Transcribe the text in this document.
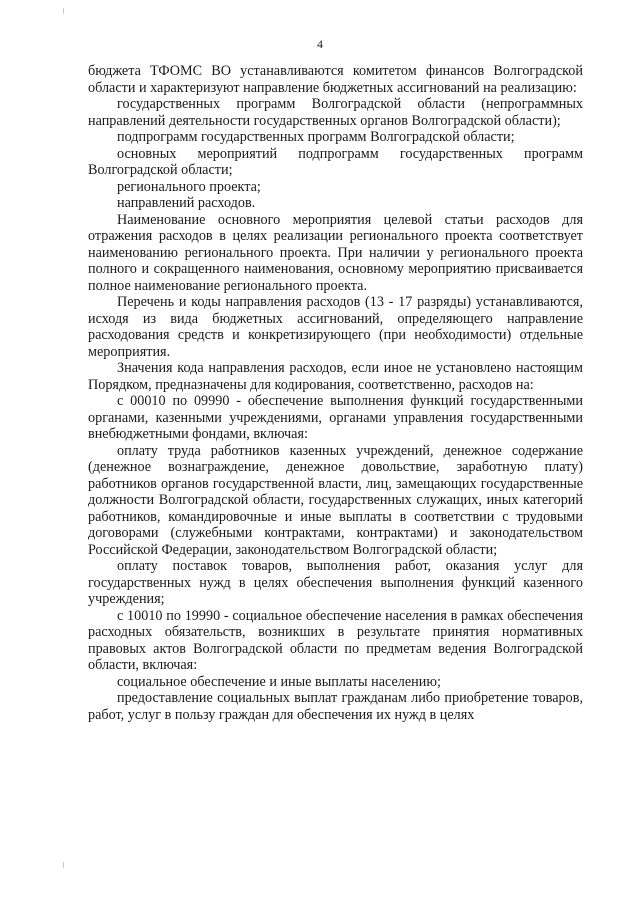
4

бюджета ТФОМС ВО устанавливаются комитетом финансов Волгоградской области и характеризуют направление бюджетных ассигнований на реализацию:

государственных программ Волгоградской области (непрограммных направлений деятельности государственных органов Волгоградской области);

подпрограмм государственных программ Волгоградской области;

основных мероприятий подпрограмм государственных программ Волгоградской области;

регионального проекта;

направлений расходов.

Наименование основного мероприятия целевой статьи расходов для отражения расходов в целях реализации регионального проекта соответствует наименованию регионального проекта. При наличии у регионального проекта полного и сокращенного наименования, основному мероприятию присваивается полное наименование регионального проекта.

Перечень и коды направления расходов (13 - 17 разряды) устанавливаются, исходя из вида бюджетных ассигнований, определяющего направление расходования средств и конкретизирующего (при необходимости) отдельные мероприятия.

Значения кода направления расходов, если иное не установлено настоящим Порядком, предназначены для кодирования, соответственно, расходов на:

с 00010 по 09990 - обеспечение выполнения функций государственными органами, казенными учреждениями, органами управления государственными внебюджетными фондами, включая:

оплату труда работников казенных учреждений, денежное содержание (денежное вознаграждение, денежное довольствие, заработную плату) работников органов государственной власти, лиц, замещающих государственные должности Волгоградской области, государственных служащих, иных категорий работников, командировочные и иные выплаты в соответствии с трудовыми договорами (служебными контрактами, контрактами) и законодательством Российской Федерации, законодательством Волгоградской области;

оплату поставок товаров, выполнения работ, оказания услуг для государственных нужд в целях обеспечения выполнения функций казенного учреждения;

с 10010 по 19990 - социальное обеспечение населения в рамках обеспечения расходных обязательств, возникших в результате принятия нормативных правовых актов Волгоградской области по предметам ведения Волгоградской области, включая:

социальное обеспечение и иные выплаты населению;

предоставление социальных выплат гражданам либо приобретение товаров, работ, услуг в пользу граждан для обеспечения их нужд в целях
